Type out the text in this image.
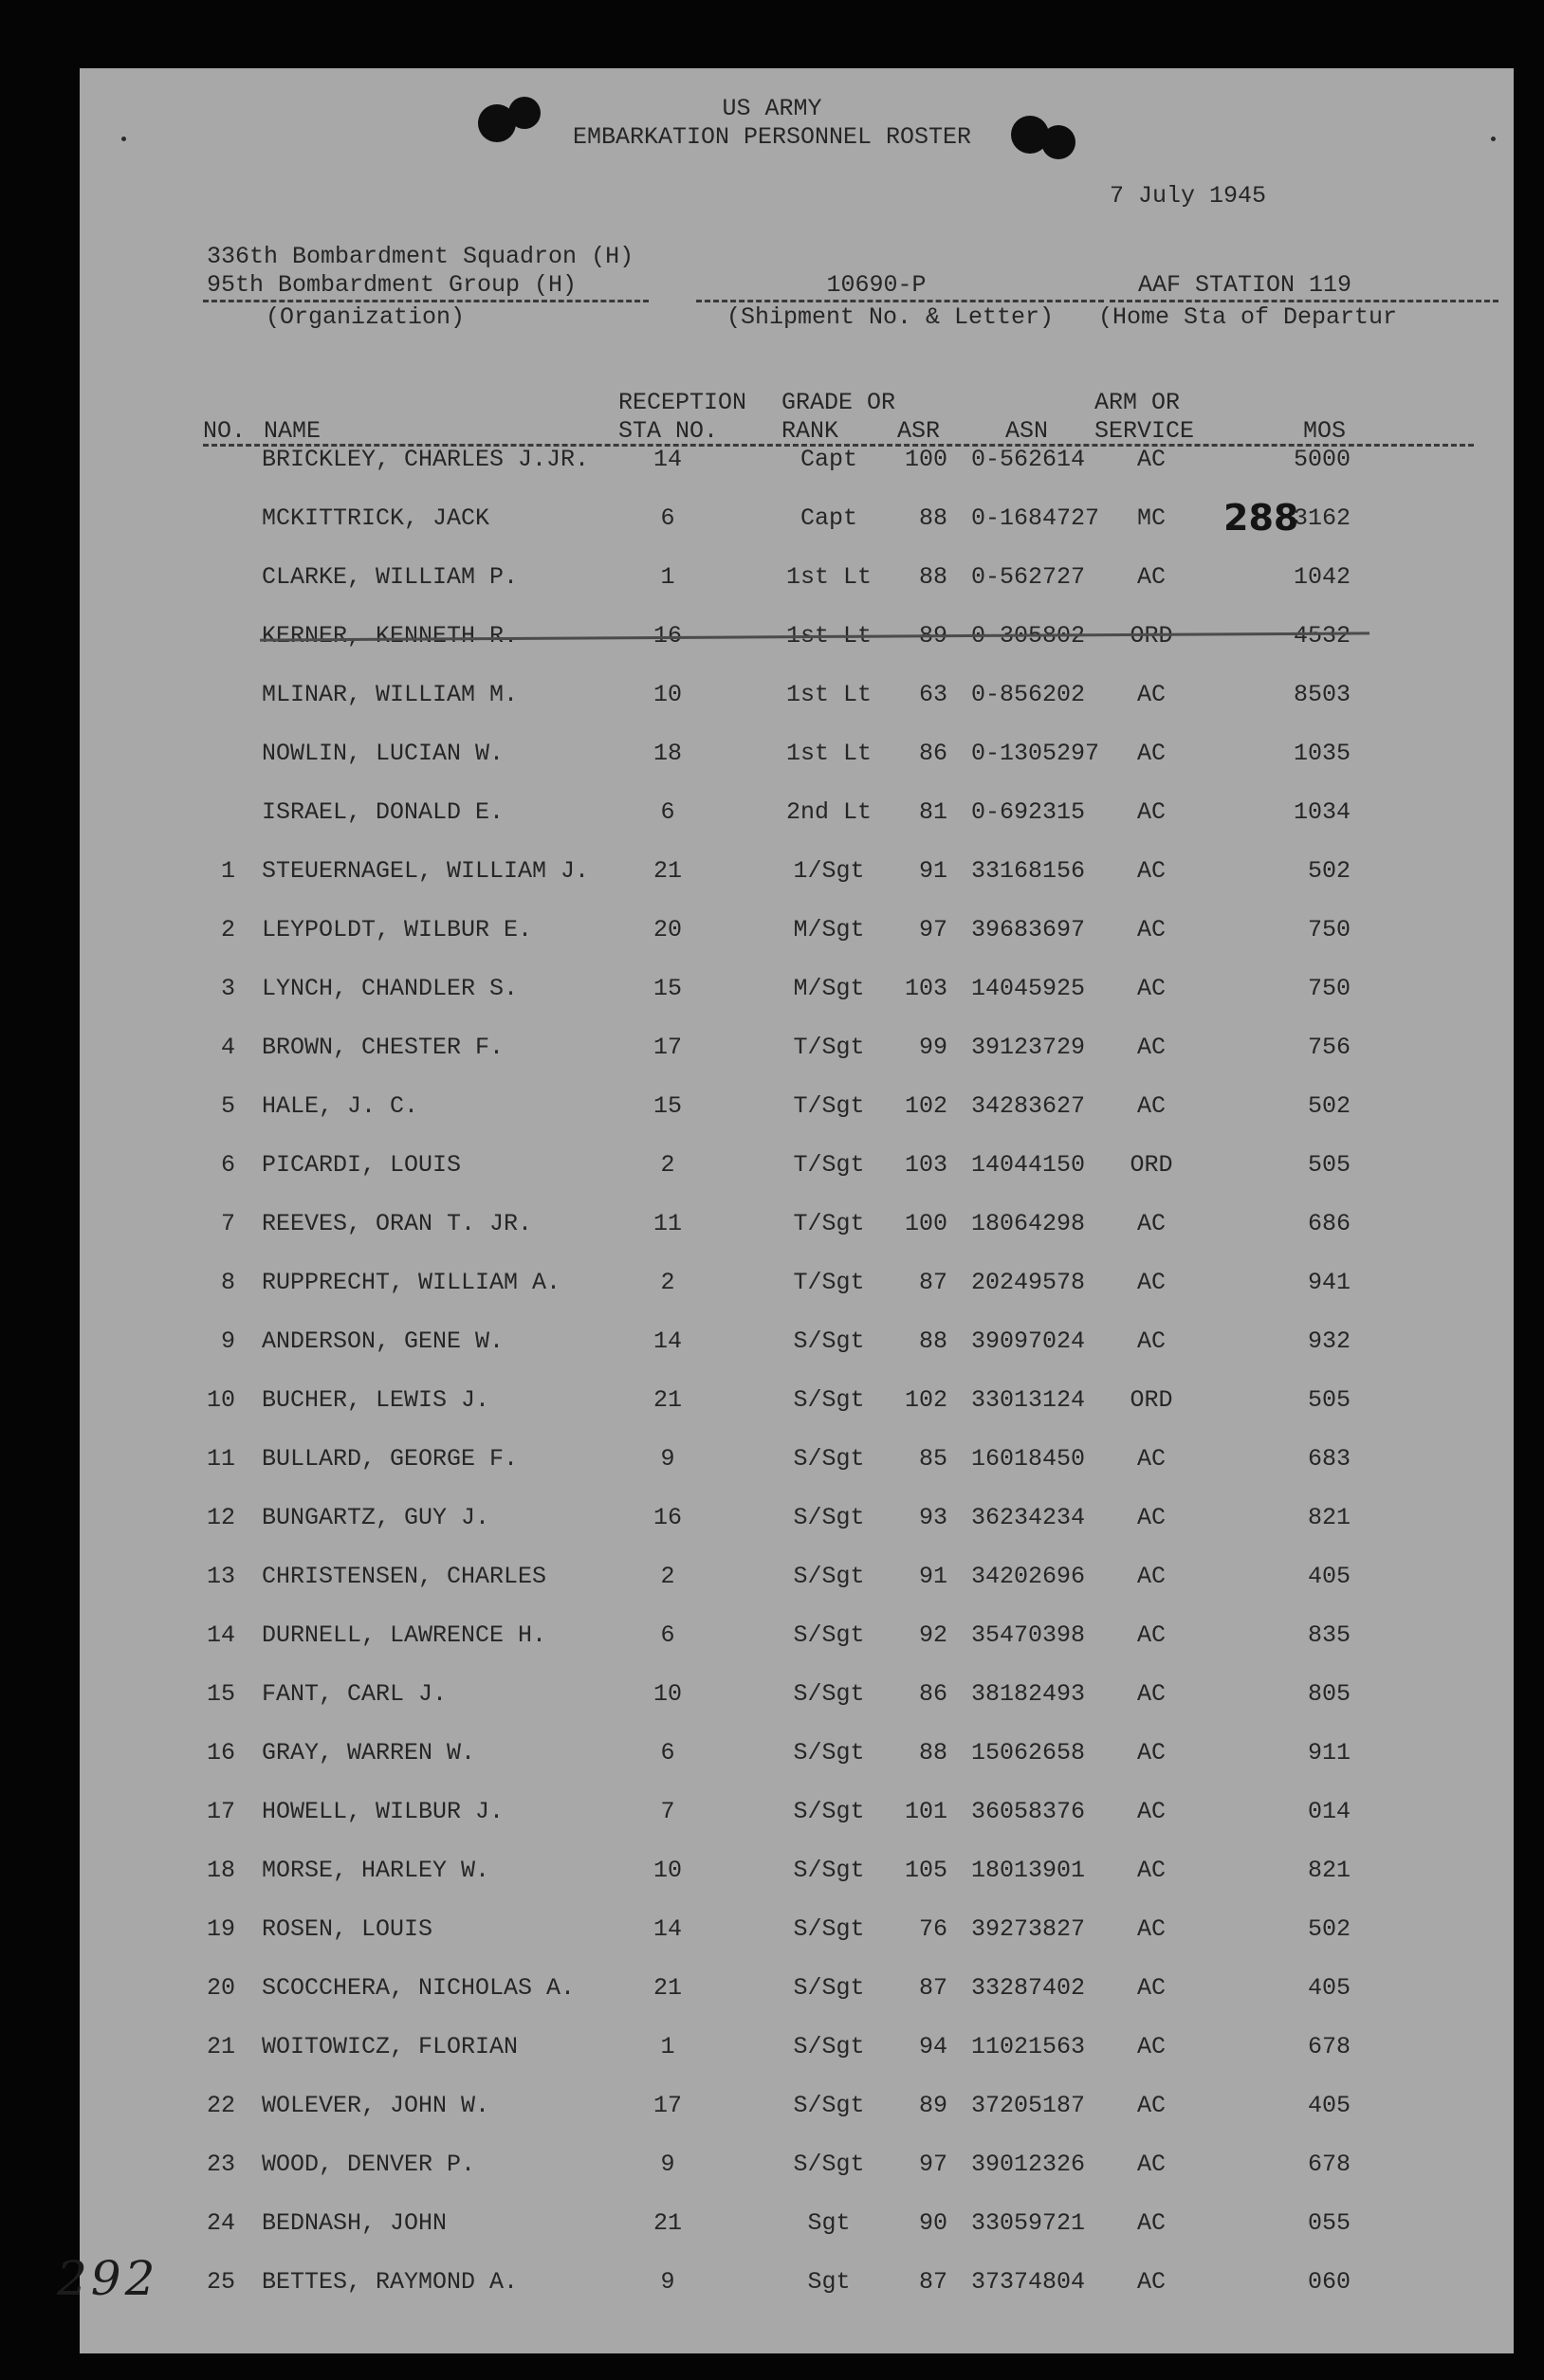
US ARMY
EMBARKATION PERSONNEL ROSTER
7 July 1945
336th Bombardment Squadron (H)
95th Bombardment Group (H)
(Organization)
10690-P
(Shipment No. & Letter)
AAF STATION 119
(Home Sta of Departur
RECEPTION GRADE OR	ARM OR
NO. NAME	STA NO.	RANK ASR	ASN SERVICE	MOS
BRICKLEY, CHARLES J.JR.	14	Capt	100 0-562614	AC	5000
MCKITTRICK, JACK	6	Capt	88 0-1684727	MC	3162
CLARKE, WILLIAM P.	1	1st Lt	88 0-562727	AC	1042
KERNER, KENNETH R.	16	1st Lt	89 0-305802	ORD	4532
MLINAR, WILLIAM M.	10	1st Lt	63 0-856202	AC	8503
NOWLIN, LUCIAN W.	18	1st Lt	86 0-1305297	AC	1035
ISRAEL, DONALD E.	6	2nd Lt	81 0-692315	AC	1034
1 STEUERNAGEL, WILLIAM J.	21	1/Sgt	91 33168156	AC	502
2 LEYPOLDT, WILBUR E.	20	M/Sgt	97 39683697	AC	750
3 LYNCH, CHANDLER S.	15	M/Sgt	103 14045925	AC	750
4 BROWN, CHESTER F.	17	T/Sgt	99 39123729	AC	756
5 HALE, J. C.	15	T/Sgt	102 34283627	AC	502
6 PICARDI, LOUIS	2	T/Sgt	103 14044150	ORD	505
7 REEVES, ORAN T. JR.	11	T/Sgt	100 18064298	AC	686
8 RUPPRECHT, WILLIAM A.	2	T/Sgt	87 20249578	AC	941
9 ANDERSON, GENE W.	14	S/Sgt	88 39097024	AC	932
10 BUCHER, LEWIS J.	21	S/Sgt	102 33013124	ORD	505
11 BULLARD, GEORGE F.	9	S/Sgt	85 16018450	AC	683
12 BUNGARTZ, GUY J.	16	S/Sgt	93 36234234	AC	821
13 CHRISTENSEN, CHARLES	2	S/Sgt	91 34202696	AC	405
14 DURNELL, LAWRENCE H.	6	S/Sgt	92 35470398	AC	835
15 FANT, CARL J.	10	S/Sgt	86 38182493	AC	805
16 GRAY, WARREN W.	6	S/Sgt	88 15062658	AC	911
17 HOWELL, WILBUR J.	7	S/Sgt	101 36058376	AC	014
18 MORSE, HARLEY W.	10	S/Sgt	105 18013901	AC	821
19 ROSEN, LOUIS	14	S/Sgt	76 39273827	AC	502
20 SCOCCHERA, NICHOLAS A.	21	S/Sgt	87 33287402	AC	405
21 WOITOWICZ, FLORIAN	1	S/Sgt	94 11021563	AC	678
22 WOLEVER, JOHN W.	17	S/Sgt	89 37205187	AC	405
23 WOOD, DENVER P.	9	S/Sgt	97 39012326	AC	678
24 BEDNASH, JOHN	21	Sgt	90 33059721	AC	055
25 BETTES, RAYMOND A.	9	Sgt	87 37374804	AC	060
288
292
